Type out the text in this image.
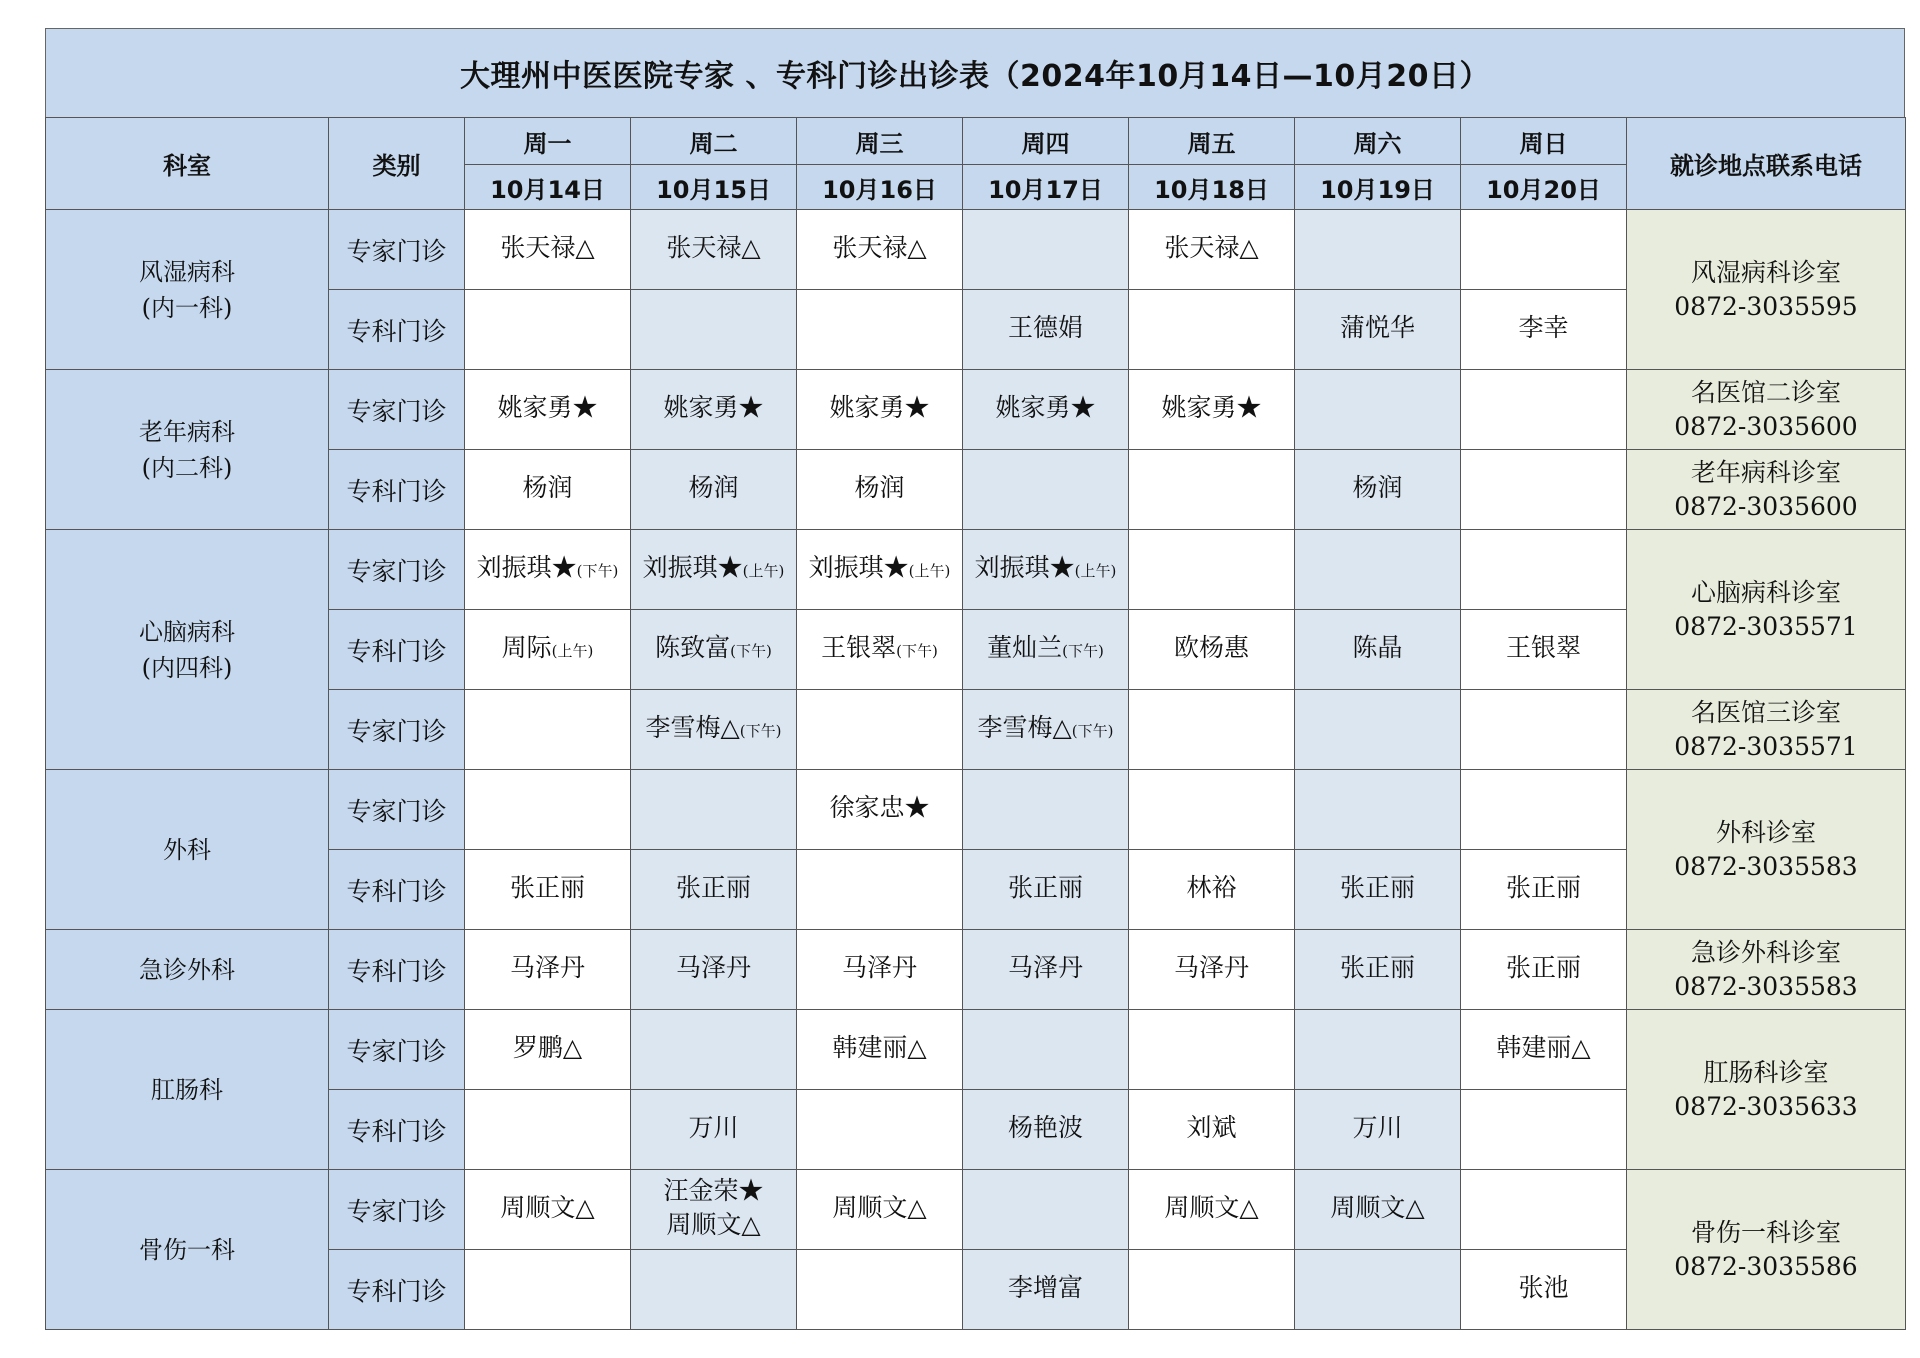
大理州中医医院专家 、专科门诊出诊表（2024年10月14日—10月20日）
科室	类别	周一	周二	周三	周四	周五	周六	周日	就诊地点联系电话
		10月14日	10月15日	10月16日	10月17日	10月18日	10月19日	10月20日	

风湿病科
(内一科)	专家门诊	张天禄△	张天禄△	张天禄△		张天禄△			风湿病科诊室
0872-3035595

	专科门诊				王德娟		蒲悦华	李幸	

老年病科
(内二科)	专家门诊	姚家勇★	姚家勇★	姚家勇★	姚家勇★	姚家勇★			名医馆二诊室
0872-3035600

	专科门诊	杨润	杨润	杨润			杨润		老年病科诊室
0872-3035600

心脑病科
(内四科)	专家门诊	刘振琪★(下午)	刘振琪★(上午)	刘振琪★(上午)	刘振琪★(上午)				心脑病科诊室
0872-3035571

	专科门诊	周际(上午)	陈致富(下午)	王银翠(下午)	董灿兰(下午)	欧杨惠	陈晶	王银翠	
	专家门诊		李雪梅△(下午)		李雪梅△(下午)				名医馆三诊室
0872-3035571

外科	专家门诊			徐家忠★					外科诊室
0872-3035583

	专科门诊	张正丽	张正丽		张正丽	林裕	张正丽	张正丽	

急诊外科	专科门诊	马泽丹	马泽丹	马泽丹	马泽丹	马泽丹	张正丽	张正丽	急诊外科诊室
0872-3035583

肛肠科	专家门诊	罗鹏△		韩建丽△				韩建丽△	肛肠科诊室
0872-3035633

	专科门诊		万川		杨艳波	刘斌	万川		

骨伤一科	专家门诊	周顺文△	汪金荣★
周顺文△	周顺文△		周顺文△	周顺文△		骨伤一科诊室
0872-3035586

	专科门诊				李增富			张池	
